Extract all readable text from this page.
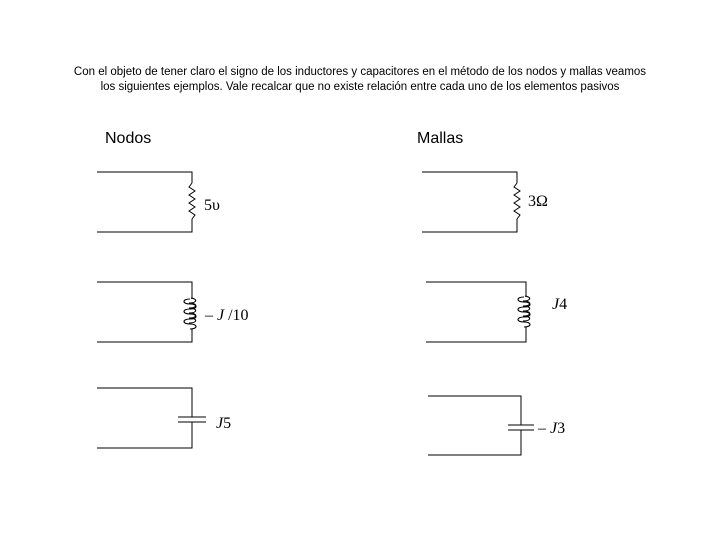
Con el objeto de tener claro el signo de los inductores y capacitores en el método de los nodos y mallas veamos

los siguientes ejemplos. Vale recalcar que no existe relación entre cada uno de los elementos pasivos

Nodos	Mallas
5υ
– J /10
J5
3Ω
J4
– J3
